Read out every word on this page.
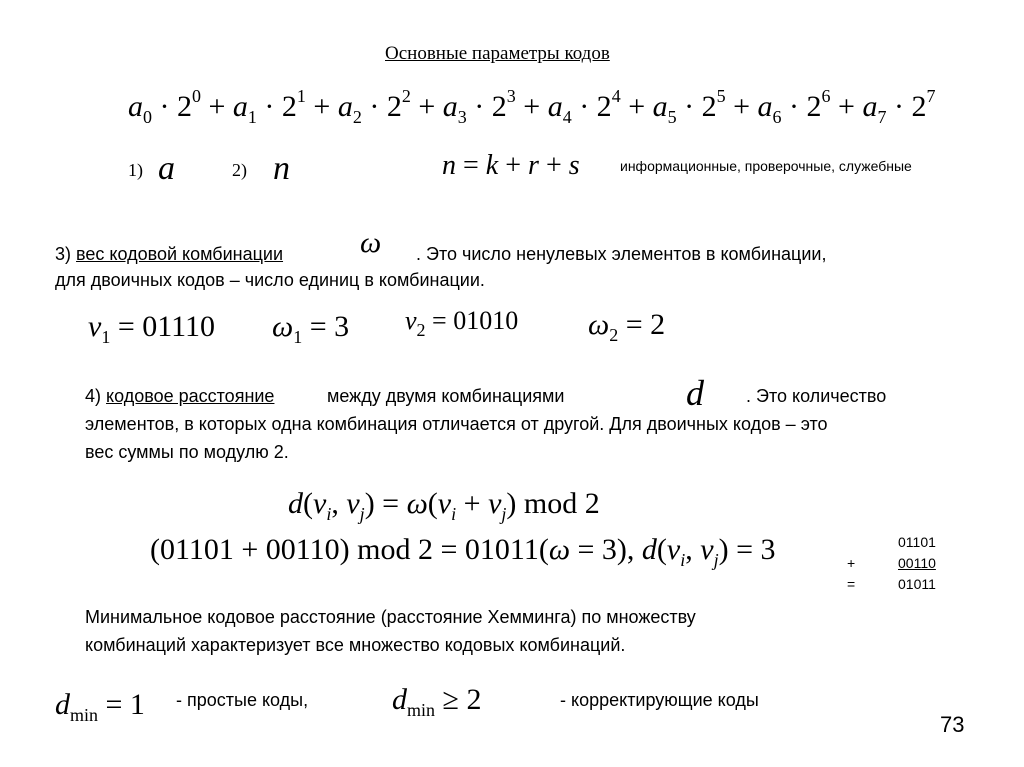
Основные параметры кодов
$a_0 \cdot 2^0 + a_1 \cdot 2^1 + a_2 \cdot 2^2 + a_3 \cdot 2^3 + a_4 \cdot 2^4 + a_5 \cdot 2^5 + a_6 \cdot 2^6 + a_7 \cdot 2^7$
1) a	2) n	n = k + r + s	информационные, проверочные, служебные
3) вес кодовой комбинации	ω . Это число ненулевых элементов в комбинации,
для двоичных кодов – число единиц в комбинации.
$v_1 = 01110$ $\omega_1 = 3$ $v_2 = 01010$ $\omega_2 = 2$
4) кодовое расстояние	между двумя комбинациями	d . Это количество
элементов, в которых одна комбинация отличается от другой. Для двоичных кодов – это
вес суммы по модулю 2.
$d(v_i$, $v_j) = \omega(v_i + v_j)$ mod 2
(01101 + 00110) mod 2 = 01011(ω = 3), $d(v_i$, $v_j) = 3$	01101
+	00110
=	01011
Минимальное кодовое расстояние (расстояние Хемминга) по множеству
комбинаций характеризует все множество кодовых комбинаций.
$d_{min} = 1$ - простые коды,	$d_{min} \ge 2$	- корректирующие коды
73
